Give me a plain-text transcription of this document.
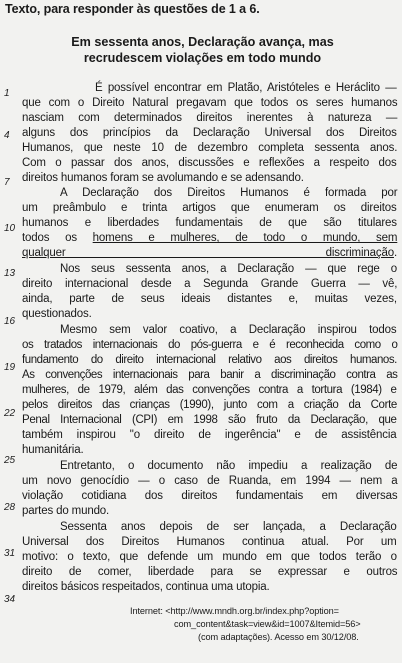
Texto, para responder às questões de 1 a 6.
Em sessenta anos, Declaração avança, mas
recrudescem violações em todo mundo
1
4
7
10
13
16
19
22
25
28
31
34
É possível encontrar em Platão, Aristóteles e Heráclito —
que com o Direito Natural pregavam que todos os seres humanos
nasciam com determinados direitos inerentes à natureza —
alguns dos princípios da Declaração Universal dos Direitos
Humanos, que neste 10 de dezembro completa sessenta anos.
Com o passar dos anos, discussões e reflexões a respeito dos
direitos humanos foram se avolumando e se adensando.
A Declaração dos Direitos Humanos é formada por
um preâmbulo e trinta artigos que enumeram os direitos
humanos e liberdades fundamentais de que são titulares
todos os homens e mulheres, de todo o mundo, sem
qualquer discriminação.
Nos seus sessenta anos, a Declaração — que rege o
direito internacional desde a Segunda Grande Guerra — vê,
ainda, parte de seus ideais distantes e, muitas vezes,
questionados.
Mesmo sem valor coativo, a Declaração inspirou todos
os tratados internacionais do pós-guerra e é reconhecida como o
fundamento do direito internacional relativo aos direitos humanos.
As convenções internacionais para banir a discriminação contra as
mulheres, de 1979, além das convenções contra a tortura (1984) e
pelos direitos das crianças (1990), junto com a criação da Corte
Penal Internacional (CPI) em 1998 são fruto da Declaração, que
também inspirou "o direito de ingerência" e de assistência
humanitária.
Entretanto, o documento não impediu a realização de
um novo genocídio — o caso de Ruanda, em 1994 — nem a
violação cotidiana dos direitos fundamentais em diversas
partes do mundo.
Sessenta anos depois de ser lançada, a Declaração
Universal dos Direitos Humanos continua atual. Por um
motivo: o texto, que defende um mundo em que todos terão o
direito de comer, liberdade para se expressar e outros
direitos básicos respeitados, continua uma utopia.
Internet: <http://www.mndh.org.br/index.php?option=
com_content&task=view&id=1007&Itemid=56>
(com adaptações). Acesso em 30/12/08.
